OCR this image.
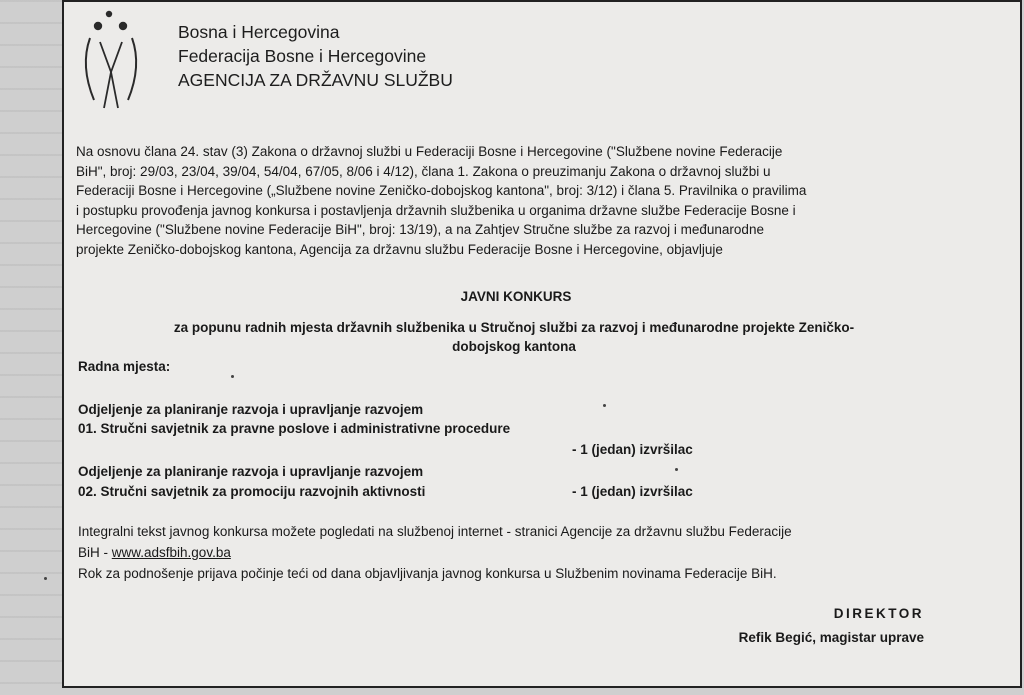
Bosna i Hercegovina
Federacija Bosne i Hercegovine
AGENCIJA ZA DRŽAVNU SLUŽBU
Na osnovu člana 24. stav (3) Zakona o državnoj službi u Federaciji Bosne i Hercegovine ("Službene novine Federacije
BiH", broj: 29/03, 23/04, 39/04, 54/04, 67/05, 8/06 i 4/12), člana 1. Zakona o preuzimanju Zakona o državnoj službi u
Federaciji Bosne i Hercegovine („Službene novine Zeničko-dobojskog kantona", broj: 3/12) i člana 5. Pravilnika o pravilima
i postupku provođenja javnog konkursa i postavljenja državnih službenika u organima državne službe Federacije Bosne i
Hercegovine ("Službene novine Federacije BiH", broj: 13/19), a na Zahtjev Stručne službe za razvoj i međunarodne
projekte Zeničko-dobojskog kantona, Agencija za državnu službu Federacije Bosne i Hercegovine, objavljuje
JAVNI KONKURS
za popunu radnih mjesta državnih službenika u Stručnoj službi za razvoj i međunarodne projekte Zeničko-
dobojskog kantona
Radna mjesta:
Odjeljenje za planiranje razvoja i upravljanje razvojem
01. Stručni savjetnik za pravne poslove i administrativne procedure
- 1 (jedan) izvršilac
Odjeljenje za planiranje razvoja i upravljanje razvojem
02. Stručni savjetnik za promociju razvojnih aktivnosti	- 1 (jedan) izvršilac
Integralni tekst javnog konkursa možete pogledati na službenoj internet - stranici Agencije za državnu službu Federacije
BiH - www.adsfbih.gov.ba
Rok za podnošenje prijava počinje teći od dana objavljivanja javnog konkursa u Službenim novinama Federacije BiH.
DIREKTOR
Refik Begić, magistar uprave
